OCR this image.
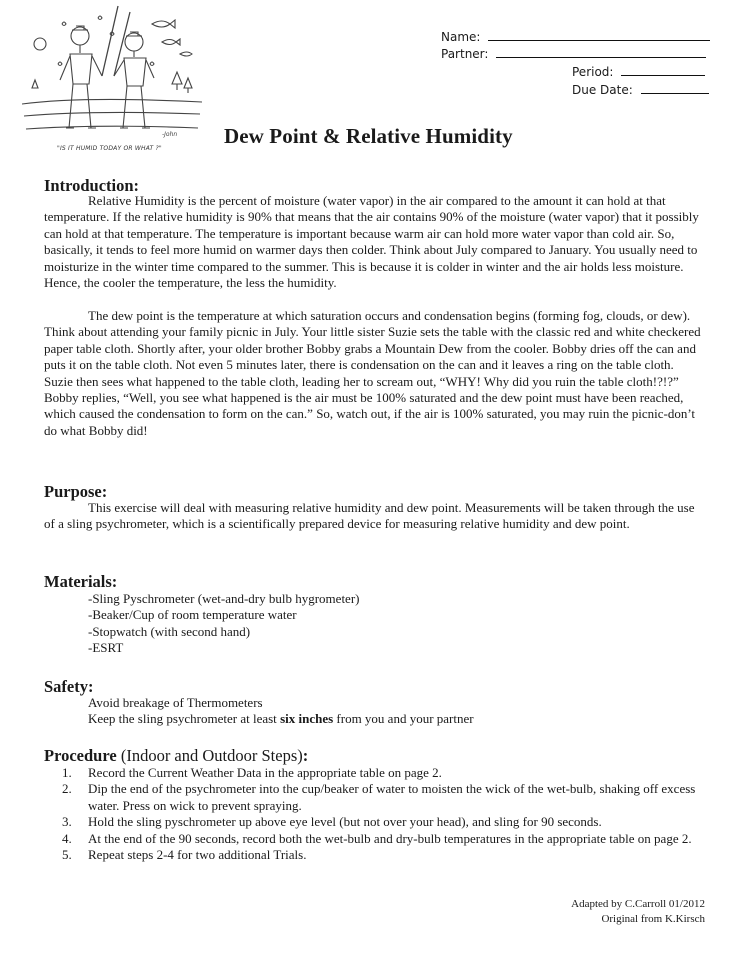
-John
"IS IT HUMID TODAY OR WHAT ?"
Name:
Partner:
Period:
Due Date:
Dew Point & Relative Humidity
Introduction:
Relative Humidity is the percent of moisture (water vapor) in the air compared to the amount it can hold at that temperature. If the relative humidity is 90% that means that the air contains 90% of the moisture (water vapor) that it possibly can hold at that temperature. The temperature is important because warm air can hold more water vapor than cold air. So, basically, it tends to feel more humid on warmer days then colder. Think about July compared to January. You usually need to moisturize in the winter time compared to the summer. This is because it is colder in winter and the air holds less moisture. Hence, the cooler the temperature, the less the humidity.
The dew point is the temperature at which saturation occurs and condensation begins (forming fog, clouds, or dew). Think about attending your family picnic in July. Your little sister Suzie sets the table with the classic red and white checkered paper table cloth. Shortly after, your older brother Bobby grabs a Mountain Dew from the cooler. Bobby dries off the can and puts it on the table cloth. Not even 5 minutes later, there is condensation on the can and it leaves a ring on the table cloth. Suzie then sees what happened to the table cloth, leading her to scream out, “WHY! Why did you ruin the table cloth!?!?” Bobby replies, “Well, you see what happened is the air must be 100% saturated and the dew point must have been reached, which caused the condensation to form on the can.” So, watch out, if the air is 100% saturated, you may ruin the picnic-don’t do what Bobby did!
Purpose:
This exercise will deal with measuring relative humidity and dew point. Measurements will be taken through the use of a sling psychrometer, which is a scientifically prepared device for measuring relative humidity and dew point.
Materials:
-Sling Pyschrometer (wet-and-dry bulb hygrometer)
-Beaker/Cup of room temperature water
-Stopwatch (with second hand)
-ESRT
Safety:
Avoid breakage of Thermometers
Keep the sling psychrometer at least six inches from you and your partner
Procedure (Indoor and Outdoor Steps):
1.	Record the Current Weather Data in the appropriate table on page 2.
2.	Dip the end of the psychrometer into the cup/beaker of water to moisten the wick of the wet-bulb, shaking off excess water. Press on wick to prevent spraying.
3.	Hold the sling pyschrometer up above eye level (but not over your head), and sling for 90 seconds.
4.	At the end of the 90 seconds, record both the wet-bulb and dry-bulb temperatures in the appropriate table on page 2.
5.	Repeat steps 2-4 for two additional Trials.
Adapted by C.Carroll 01/2012
Original from K.Kirsch
